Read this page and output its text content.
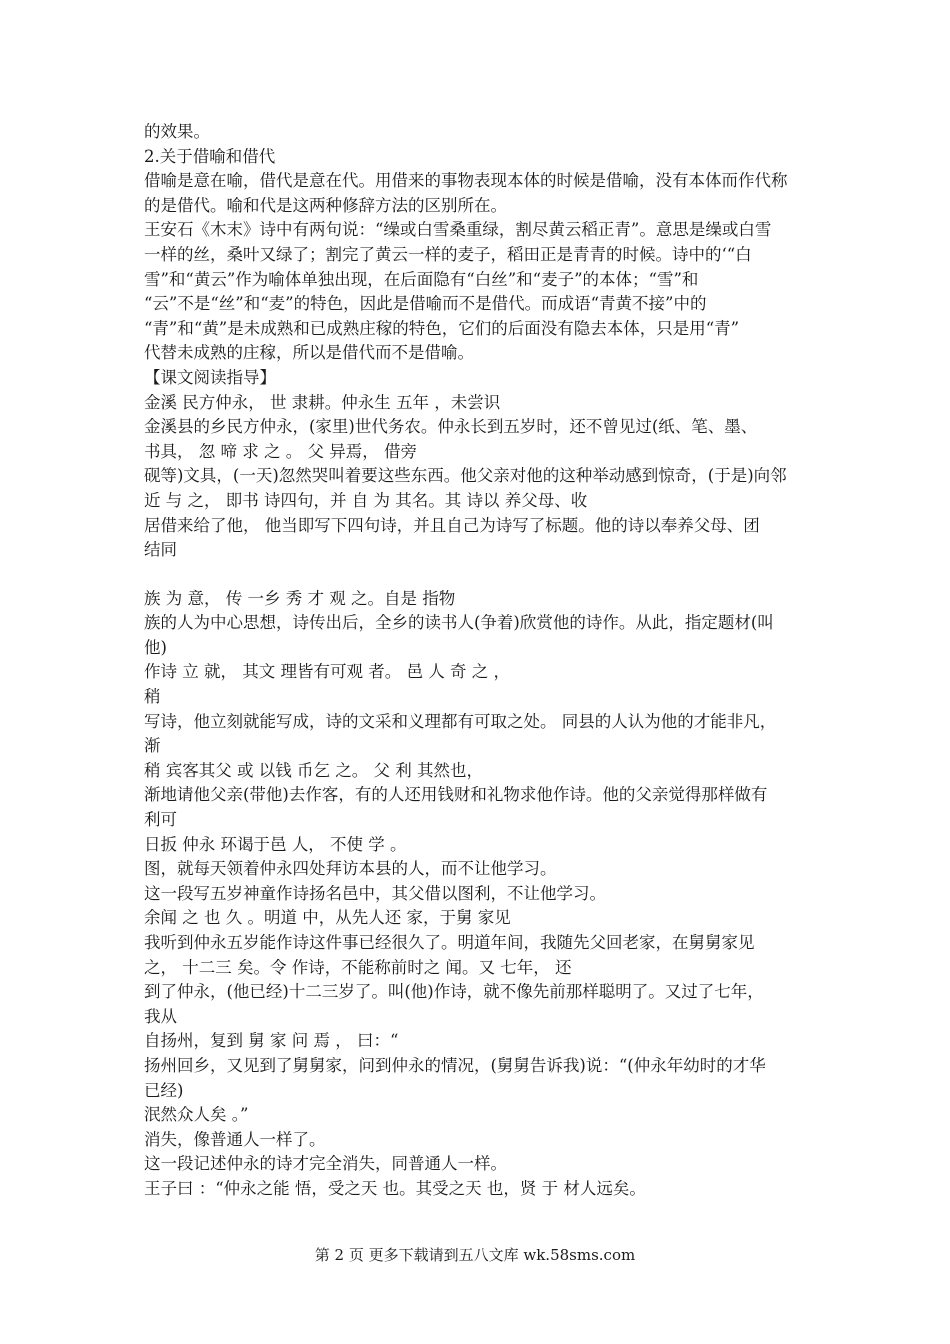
的效果。
2.关于借喻和借代
借喻是意在喻，借代是意在代。用借来的事物表现本体的时候是借喻，没有本体而作代称
的是借代。喻和代是这两种修辞方法的区别所在。
王安石《木末》诗中有两句说：“缲或白雪桑重绿，割尽黄云稻正青”。意思是缲或白雪
一样的丝，桑叶又绿了；割完了黄云一样的麦子，稻田正是青青的时候。诗中的‘“白
雪”和“黄云”作为喻体单独出现，在后面隐有“白丝”和“麦子”的本体；“雪”和
“云”不是“丝”和“麦”的特色，因此是借喻而不是借代。而成语“青黄不接”中的
“青”和“黄”是未成熟和已成熟庄稼的特色，它们的后面没有隐去本体，只是用“青”
代替未成熟的庄稼，所以是借代而不是借喻。
【课文阅读指导】
金溪 民方仲永， 世 隶耕。仲永生 五年 ，未尝识
金溪县的乡民方仲永，(家里)世代务农。仲永长到五岁时，还不曾见过(纸、笔、墨、
书具， 忽 啼 求 之 。 父 异焉， 借旁
砚等)文具，(一天)忽然哭叫着要这些东西。他父亲对他的这种举动感到惊奇，(于是)向邻
近 与 之， 即书 诗四句，并 自 为 其名。其 诗以 养父母、收
居借来给了他， 他当即写下四句诗，并且自己为诗写了标题。他的诗以奉养父母、团
结同
族 为 意， 传 一乡 秀 才 观 之。自是 指物
族的人为中心思想，诗传出后，全乡的读书人(争着)欣赏他的诗作。从此，指定题材(叫
他)
作诗 立 就， 其文 理皆有可观 者。 邑 人 奇 之 ，
稍
写诗，他立刻就能写成，诗的文采和义理都有可取之处。 同县的人认为他的才能非凡，
渐
稍 宾客其父 或 以钱 币乞 之。 父 利 其然也，
渐地请他父亲(带他)去作客，有的人还用钱财和礼物求他作诗。他的父亲觉得那样做有
利可
日扳 仲永 环谒于邑 人， 不使 学 。
图，就每天领着仲永四处拜访本县的人，而不让他学习。
这一段写五岁神童作诗扬名邑中，其父借以图利，不让他学习。
余闻 之 也 久 。明道 中，从先人还 家，于舅 家见
我听到仲永五岁能作诗这件事已经很久了。明道年间，我随先父回老家，在舅舅家见
之， 十二三 矣。令 作诗，不能称前时之 闻。又 七年， 还
到了仲永，(他已经)十二三岁了。叫(他)作诗，就不像先前那样聪明了。又过了七年，
我从
自扬州，复到 舅 家 问 焉 ， 曰：“
扬州回乡，又见到了舅舅家，问到仲永的情况，(舅舅告诉我)说：“(仲永年幼时的才华
已经)
泯然众人矣 。”
消失，像普通人一样了。
这一段记述仲永的诗才完全消失，同普通人一样。
王子曰 ：“仲永之能 悟，受之天 也。其受之天 也，贤 于 材人远矣。
第 2 页 更多下载请到五八文库 wk.58sms.com
